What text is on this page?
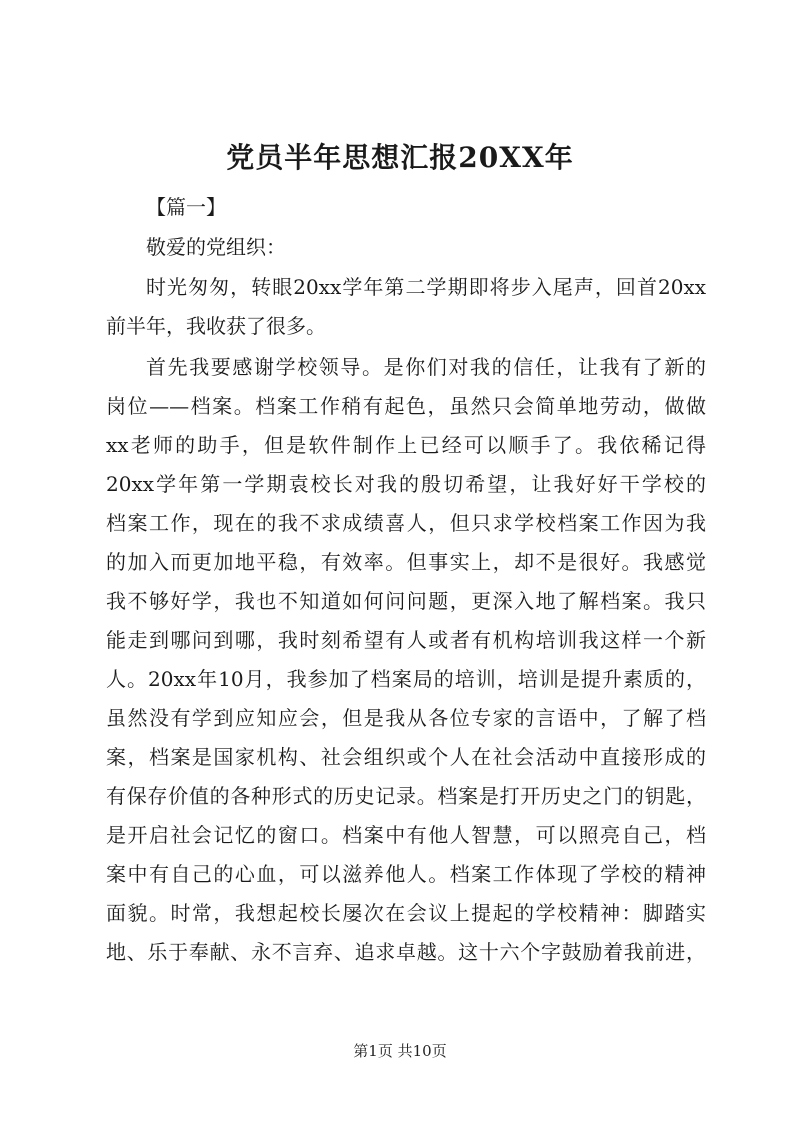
党员半年思想汇报20XX年
【篇一】
敬爱的党组织：
时光匆匆，转眼20xx学年第二学期即将步入尾声，回首20xx
前半年，我收获了很多。
首先我要感谢学校领导。是你们对我的信任，让我有了新的
岗位——档案。档案工作稍有起色，虽然只会简单地劳动，做做
xx老师的助手，但是软件制作上已经可以顺手了。我依稀记得
20xx学年第一学期袁校长对我的殷切希望，让我好好干学校的
档案工作，现在的我不求成绩喜人，但只求学校档案工作因为我
的加入而更加地平稳，有效率。但事实上，却不是很好。我感觉
我不够好学，我也不知道如何问问题，更深入地了解档案。我只
能走到哪问到哪，我时刻希望有人或者有机构培训我这样一个新
人。20xx年10月，我参加了档案局的培训，培训是提升素质的，
虽然没有学到应知应会，但是我从各位专家的言语中，了解了档
案，档案是国家机构、社会组织或个人在社会活动中直接形成的
有保存价值的各种形式的历史记录。档案是打开历史之门的钥匙，
是开启社会记忆的窗口。档案中有他人智慧，可以照亮自己，档
案中有自己的心血，可以滋养他人。档案工作体现了学校的精神
面貌。时常，我想起校长屡次在会议上提起的学校精神：脚踏实
地、乐于奉献、永不言弃、追求卓越。这十六个字鼓励着我前进，
第1页 共10页
